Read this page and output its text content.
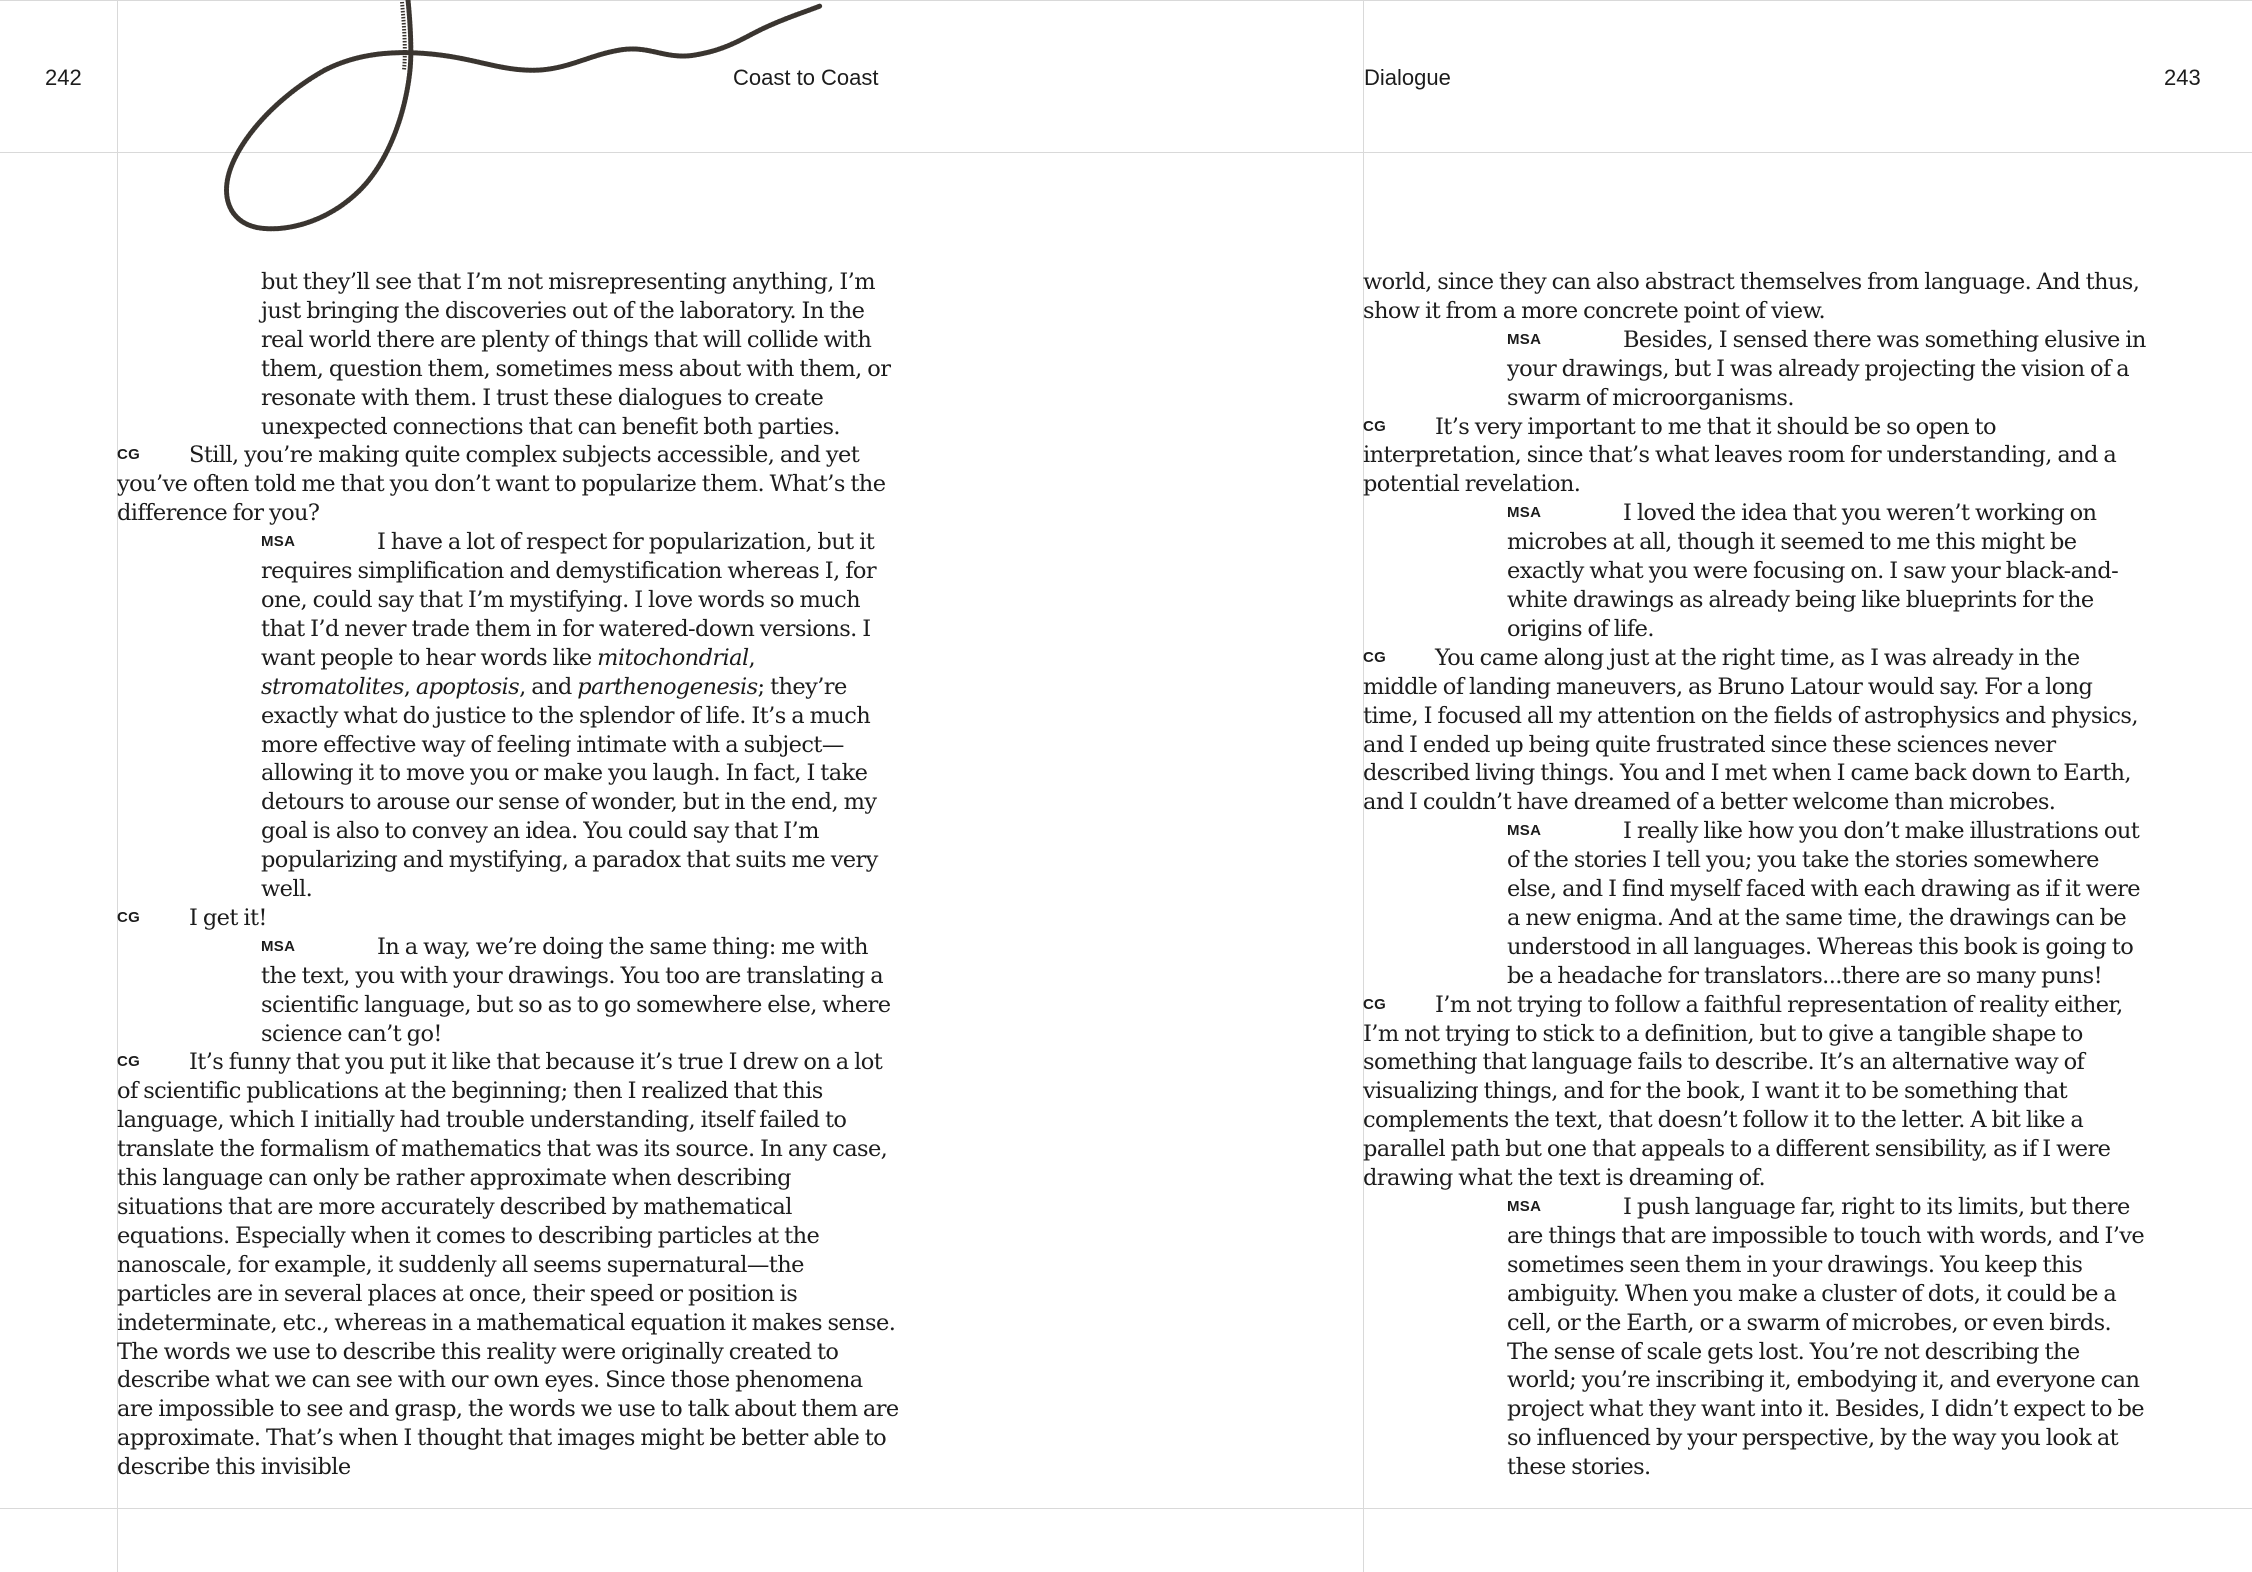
242	Coast to Coast	Dialogue	243

but they’ll see that I’m not misrepresenting anything, I’m just bringing the discoveries out of the laboratory. In the real world there are plenty of things that will collide with them, question them, sometimes mess about with them, or resonate with them. I trust these dialogues to create unexpected connections that can benefit both parties.

CG Still, you’re making quite complex subjects accessible, and yet you’ve often told me that you don’t want to popularize them. What’s the difference for you?

MSA	I have a lot of respect for popularization, but it requires simplification and demystification whereas I, for one, could say that I’m mystifying. I love words so much that I’d never trade them in for watered-down versions. I want people to hear words like mitochondrial, stromatolites, apoptosis, and parthenogenesis; they’re exactly what do justice to the splendor of life. It’s a much more effective way of feeling intimate with a subject—allowing it to move you or make you laugh. In fact, I take detours to arouse our sense of wonder, but in the end, my goal is also to convey an idea. You could say that I’m popularizing and mystifying, a paradox that suits me very well.

CG I get it!

MSA	In a way, we’re doing the same thing: me with the text, you with your drawings. You too are translating a scientific language, but so as to go somewhere else, where science can’t go!

CG It’s funny that you put it like that because it’s true I drew on a lot of scientific publications at the beginning; then I realized that this language, which I initially had trouble understanding, itself failed to translate the formalism of mathematics that was its source. In any case, this language can only be rather approximate when describing situations that are more accurately described by mathematical equations. Especially when it comes to describing particles at the nanoscale, for example, it suddenly all seems supernatural—the particles are in several places at once, their speed or position is indeterminate, etc., whereas in a mathematical equation it makes sense. The words we use to describe this reality were originally created to describe what we can see with our own eyes. Since those phenomena are impossible to see and grasp, the words we use to talk about them are approximate. That’s when I thought that images might be better able to describe this invisible

world, since they can also abstract themselves from language. And thus, show it from a more concrete point of view.

MSA	Besides, I sensed there was something elusive in your drawings, but I was already projecting the vision of a swarm of microorganisms.

CG It’s very important to me that it should be so open to interpretation, since that’s what leaves room for understanding, and a potential revelation.

MSA	I loved the idea that you weren’t working on microbes at all, though it seemed to me this might be exactly what you were focusing on. I saw your black-and-white drawings as already being like blueprints for the origins of life.

CG You came along just at the right time, as I was already in the middle of landing maneuvers, as Bruno Latour would say. For a long time, I focused all my attention on the fields of astrophysics and physics, and I ended up being quite frustrated since these sciences never described living things. You and I met when I came back down to Earth, and I couldn’t have dreamed of a better welcome than microbes.

MSA	I really like how you don’t make illustrations out of the stories I tell you; you take the stories somewhere else, and I find myself faced with each drawing as if it were a new enigma. And at the same time, the drawings can be understood in all languages. Whereas this book is going to be a headache for translators...there are so many puns!

CG I’m not trying to follow a faithful representation of reality either, I’m not trying to stick to a definition, but to give a tangible shape to something that language fails to describe. It’s an alternative way of visualizing things, and for the book, I want it to be something that complements the text, that doesn’t follow it to the letter. A bit like a parallel path but one that appeals to a different sensibility, as if I were drawing what the text is dreaming of.

MSA	I push language far, right to its limits, but there are things that are impossible to touch with words, and I’ve sometimes seen them in your drawings. You keep this ambiguity. When you make a cluster of dots, it could be a cell, or the Earth, or a swarm of microbes, or even birds. The sense of scale gets lost. You’re not describing the world; you’re inscribing it, embodying it, and everyone can project what they want into it. Besides, I didn’t expect to be so influenced by your perspective, by the way you look at these stories.
